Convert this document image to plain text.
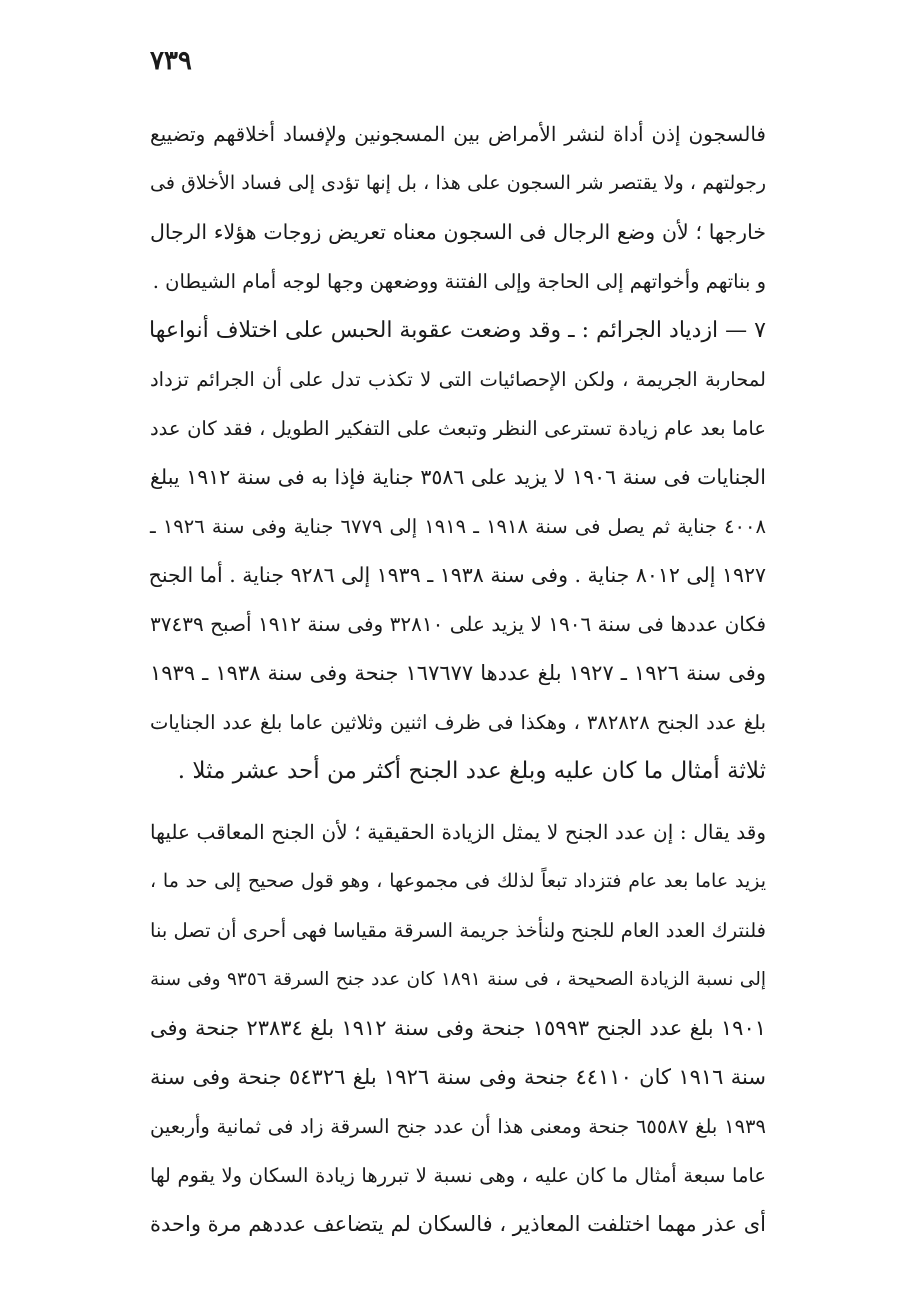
٧٣٩
فالسجون إذن أداة لنشر الأمراض بين المسجونين ولإفساد أخلاقهم وتضييع
رجولتهم ، ولا يقتصر شر السجون على هذا ، بل إنها تؤدى إلى فساد الأخلاق فى
خارجها ؛ لأن وضع الرجال فى السجون معناه تعريض زوجات هؤلاء الرجال
و بناتهم وأخواتهم إلى الحاجة وإلى الفتنة ووضعهن وجها لوجه أمام الشيطان .
٧ — ازدياد الجرائم : ـ وقد وضعت عقوبة الحبس على اختلاف أنواعها
لمحاربة الجريمة ، ولكن الإحصائيات التى لا تكذب تدل على أن الجرائم تزداد
عاما بعد عام زيادة تسترعى النظر وتبعث على التفكير الطويل ، فقد كان عدد
الجنايات فى سنة ١٩٠٦ لا يزيد على ٣٥٨٦ جناية فإذا به فى سنة ١٩١٢ يبلغ
٤٠٠٨ جناية ثم يصل فى سنة ١٩١٨ ـ ١٩١٩ إلى ٦٧٧٩ جناية وفى سنة ١٩٢٦ ـ
١٩٢٧ إلى ٨٠١٢ جناية . وفى سنة ١٩٣٨ ـ ١٩٣٩ إلى ٩٢٨٦ جناية . أما الجنح
فكان عددها فى سنة ١٩٠٦ لا يزيد على ٣٢٨١٠ وفى سنة ١٩١٢ أصبح ٣٧٤٣٩
وفى سنة ١٩٢٦ ـ ١٩٢٧ بلغ عددها ١٦٧٦٧٧ جنحة وفى سنة ١٩٣٨ ـ ١٩٣٩
بلغ عدد الجنح ٣٨٢٨٢٨ ، وهكذا فى ظرف اثنين وثلاثين عاما بلغ عدد الجنايات
ثلاثة أمثال ما كان عليه وبلغ عدد الجنح أكثر من أحد عشر مثلا .
وقد يقال : إن عدد الجنح لا يمثل الزيادة الحقيقية ؛ لأن الجنح المعاقب عليها
يزيد عاما بعد عام فتزداد تبعاً لذلك فى مجموعها ، وهو قول صحيح إلى حد ما ،
فلنترك العدد العام للجنح ولنأخذ جريمة السرقة مقياسا فهى أحرى أن تصل بنا
إلى نسبة الزيادة الصحيحة ، فى سنة ١٨٩١ كان عدد جنح السرقة ٩٣٥٦ وفى سنة
١٩٠١ بلغ عدد الجنح ١٥٩٩٣ جنحة وفى سنة ١٩١٢ بلغ ٢٣٨٣٤ جنحة وفى
سنة ١٩١٦ كان ٤٤١١٠ جنحة وفى سنة ١٩٢٦ بلغ ٥٤٣٢٦ جنحة وفى سنة
١٩٣٩ بلغ ٦٥٥٨٧ جنحة ومعنى هذا أن عدد جنح السرقة زاد فى ثمانية وأربعين
عاما سبعة أمثال ما كان عليه ، وهى نسبة لا تبررها زيادة السكان ولا يقوم لها
أى عذر مهما اختلفت المعاذير ، فالسكان لم يتضاعف عددهم مرة واحدة
